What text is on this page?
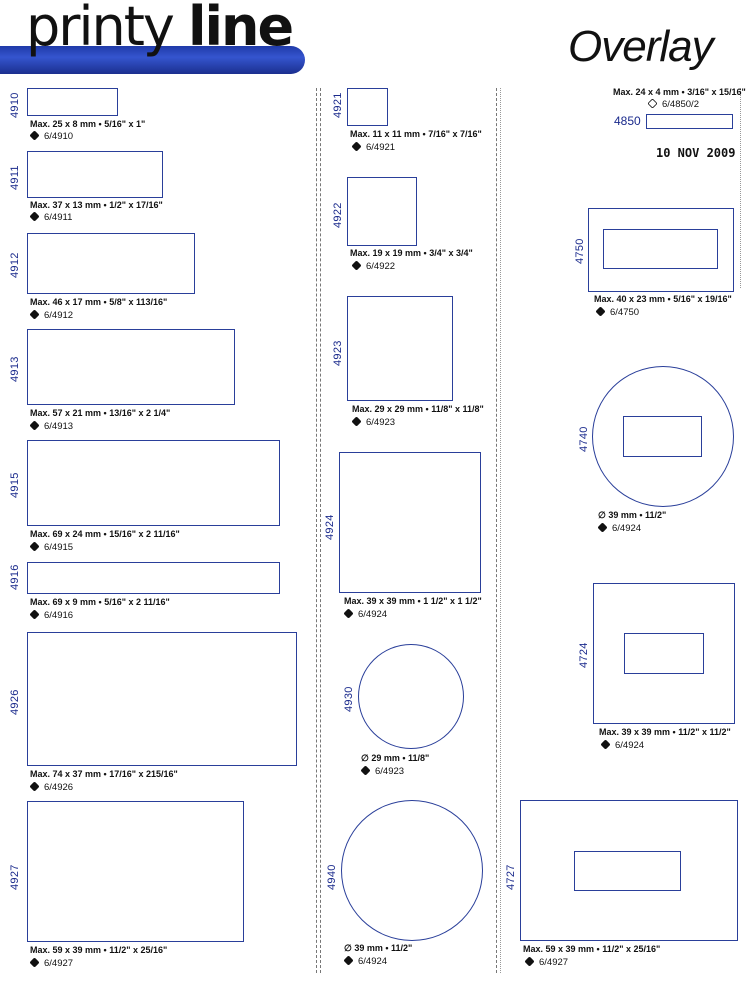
printy line	Overlay
4910
Max. 25 x 8 mm • 5/16" x 1"
6/4910
4911
Max. 37 x 13 mm • 1/2" x 17/16"
6/4911
4912
Max. 46 x 17 mm • 5/8" x 113/16"
6/4912
4913
Max. 57 x 21 mm • 13/16" x 2 1/4"
6/4913
4915
Max. 69 x 24 mm • 15/16" x 2 11/16"
6/4915
4916
Max. 69 x 9 mm • 5/16" x 2 11/16"
6/4916
4926
Max. 74 x 37 mm • 17/16" x 215/16"
6/4926
4927
Max. 59 x 39 mm • 11/2" x 25/16"
6/4927
4921
Max. 11 x 11 mm • 7/16" x 7/16"
6/4921
4922
Max. 19 x 19 mm • 3/4" x 3/4"
6/4922
4923
Max. 29 x 29 mm • 11/8" x 11/8"
6/4923
4924
Max. 39 x 39 mm • 1 1/2" x 1 1/2"
6/4924
4930
∅ 29 mm • 11/8"
6/4923
4940
∅ 39 mm • 11/2"
6/4924
Max. 24 x 4 mm • 3/16" x 15/16"
6/4850/2
4850
10 NOV 2009
4750
Max. 40 x 23 mm • 5/16" x 19/16"
6/4750
4740
∅ 39 mm • 11/2"
6/4924
4724
Max. 39 x 39 mm • 11/2" x 11/2"
6/4924
4727
Max. 59 x 39 mm • 11/2" x 25/16"
6/4927
